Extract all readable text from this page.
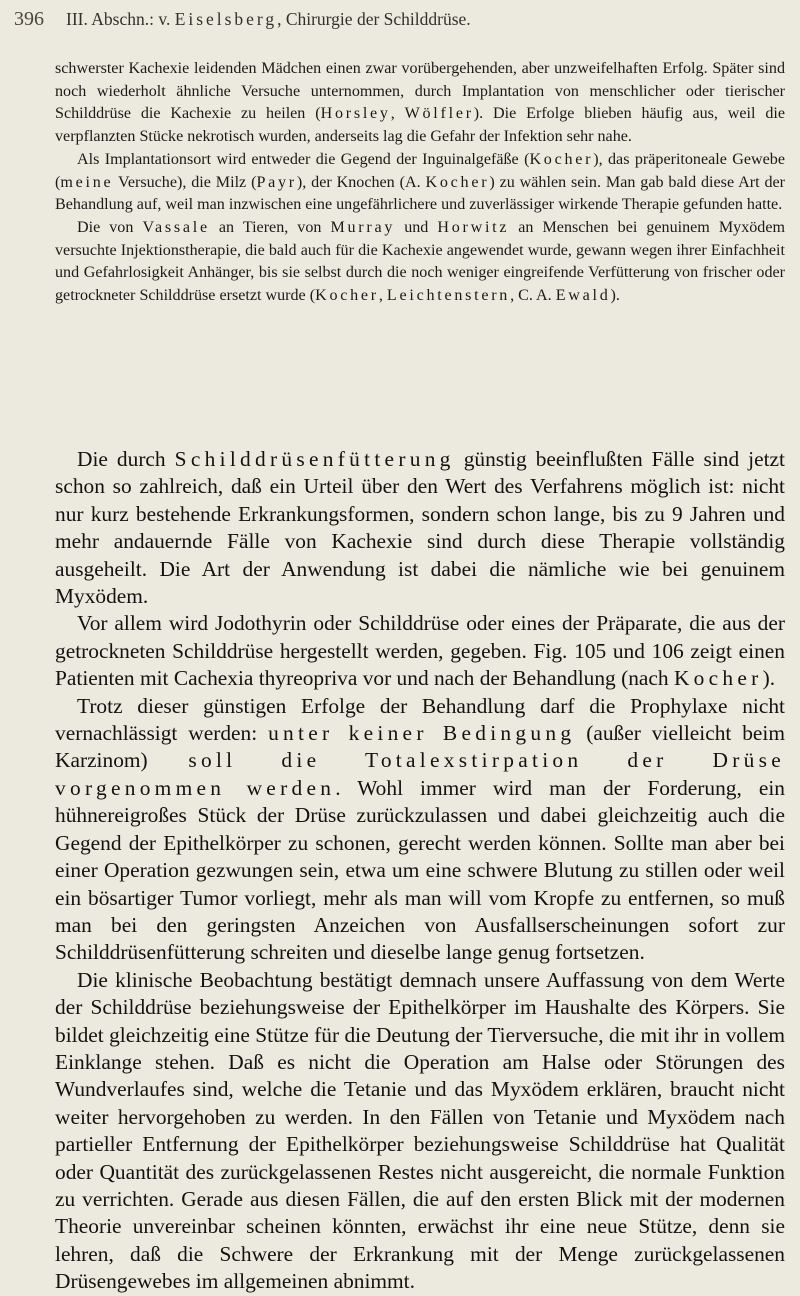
396 III. Abschn.: v. Eiselsberg, Chirurgie der Schilddrüse.

schwerster Kachexie leidenden Mädchen einen zwar vorübergehenden, aber unzweifelhaften Erfolg. Später sind noch wiederholt ähnliche Versuche unternommen, durch Implantation von menschlicher oder tierischer Schilddrüse die Kachexie zu heilen (Horsley, Wölfler). Die Erfolge blieben häufig aus, weil die verpflanzten Stücke nekrotisch wurden, anderseits lag die Gefahr der Infektion sehr nahe.

Als Implantationsort wird entweder die Gegend der Inguinalgefäße (Kocher), das präperitoneale Gewebe (meine Versuche), die Milz (Payr), der Knochen (A. Kocher) zu wählen sein. Man gab bald diese Art der Behandlung auf, weil man inzwischen eine ungefährlichere und zuverlässiger wirkende Therapie gefunden hatte.

Die von Vassale an Tieren, von Murray und Horwitz an Menschen bei genuinem Myxödem versuchte Injektionstherapie, die bald auch für die Kachexie angewendet wurde, gewann wegen ihrer Einfachheit und Gefahrlosigkeit Anhänger, bis sie selbst durch die noch weniger eingreifende Verfütterung von frischer oder getrockneter Schilddrüse ersetzt wurde (Kocher, Leichtenstern, C. A. Ewald).

Die durch Schilddrüsenfütterung günstig beeinflußten Fälle sind jetzt schon so zahlreich, daß ein Urteil über den Wert des Verfahrens möglich ist: nicht nur kurz bestehende Erkrankungsformen, sondern schon lange, bis zu 9 Jahren und mehr andauernde Fälle von Kachexie sind durch diese Therapie vollständig ausgeheilt. Die Art der Anwendung ist dabei die nämliche wie bei genuinem Myxödem.

Vor allem wird Jodothyrin oder Schilddrüse oder eines der Präparate, die aus der getrockneten Schilddrüse hergestellt werden, gegeben. Fig. 105 und 106 zeigt einen Patienten mit Cachexia thyreopriva vor und nach der Behandlung (nach Kocher).

Trotz dieser günstigen Erfolge der Behandlung darf die Prophylaxe nicht vernachlässigt werden: unter keiner Bedingung (außer vielleicht beim Karzinom) soll die Totalexstirpation der Drüse vorgenommen werden. Wohl immer wird man der Forderung, ein hühnereigroßes Stück der Drüse zurückzulassen und dabei gleichzeitig auch die Gegend der Epithelkörper zu schonen, gerecht werden können. Sollte man aber bei einer Operation gezwungen sein, etwa um eine schwere Blutung zu stillen oder weil ein bösartiger Tumor vorliegt, mehr als man will vom Kropfe zu entfernen, so muß man bei den geringsten Anzeichen von Ausfallserscheinungen sofort zur Schilddrüsenfütterung schreiten und dieselbe lange genug fortsetzen.

Die klinische Beobachtung bestätigt demnach unsere Auffassung von dem Werte der Schilddrüse beziehungsweise der Epithelkörper im Haushalte des Körpers. Sie bildet gleichzeitig eine Stütze für die Deutung der Tierversuche, die mit ihr in vollem Einklange stehen. Daß es nicht die Operation am Halse oder Störungen des Wundverlaufes sind, welche die Tetanie und das Myxödem erklären, braucht nicht weiter hervorgehoben zu werden. In den Fällen von Tetanie und Myxödem nach partieller Entfernung der Epithelkörper beziehungsweise Schilddrüse hat Qualität oder Quantität des zurückgelassenen Restes nicht ausgereicht, die normale Funktion zu verrichten. Gerade aus diesen Fällen, die auf den ersten Blick mit der modernen Theorie unvereinbar scheinen könnten, erwächst ihr eine neue Stütze, denn sie lehren, daß die Schwere der Erkrankung mit der Menge zurückgelassenen Drüsengewebes im allgemeinen abnimmt.
